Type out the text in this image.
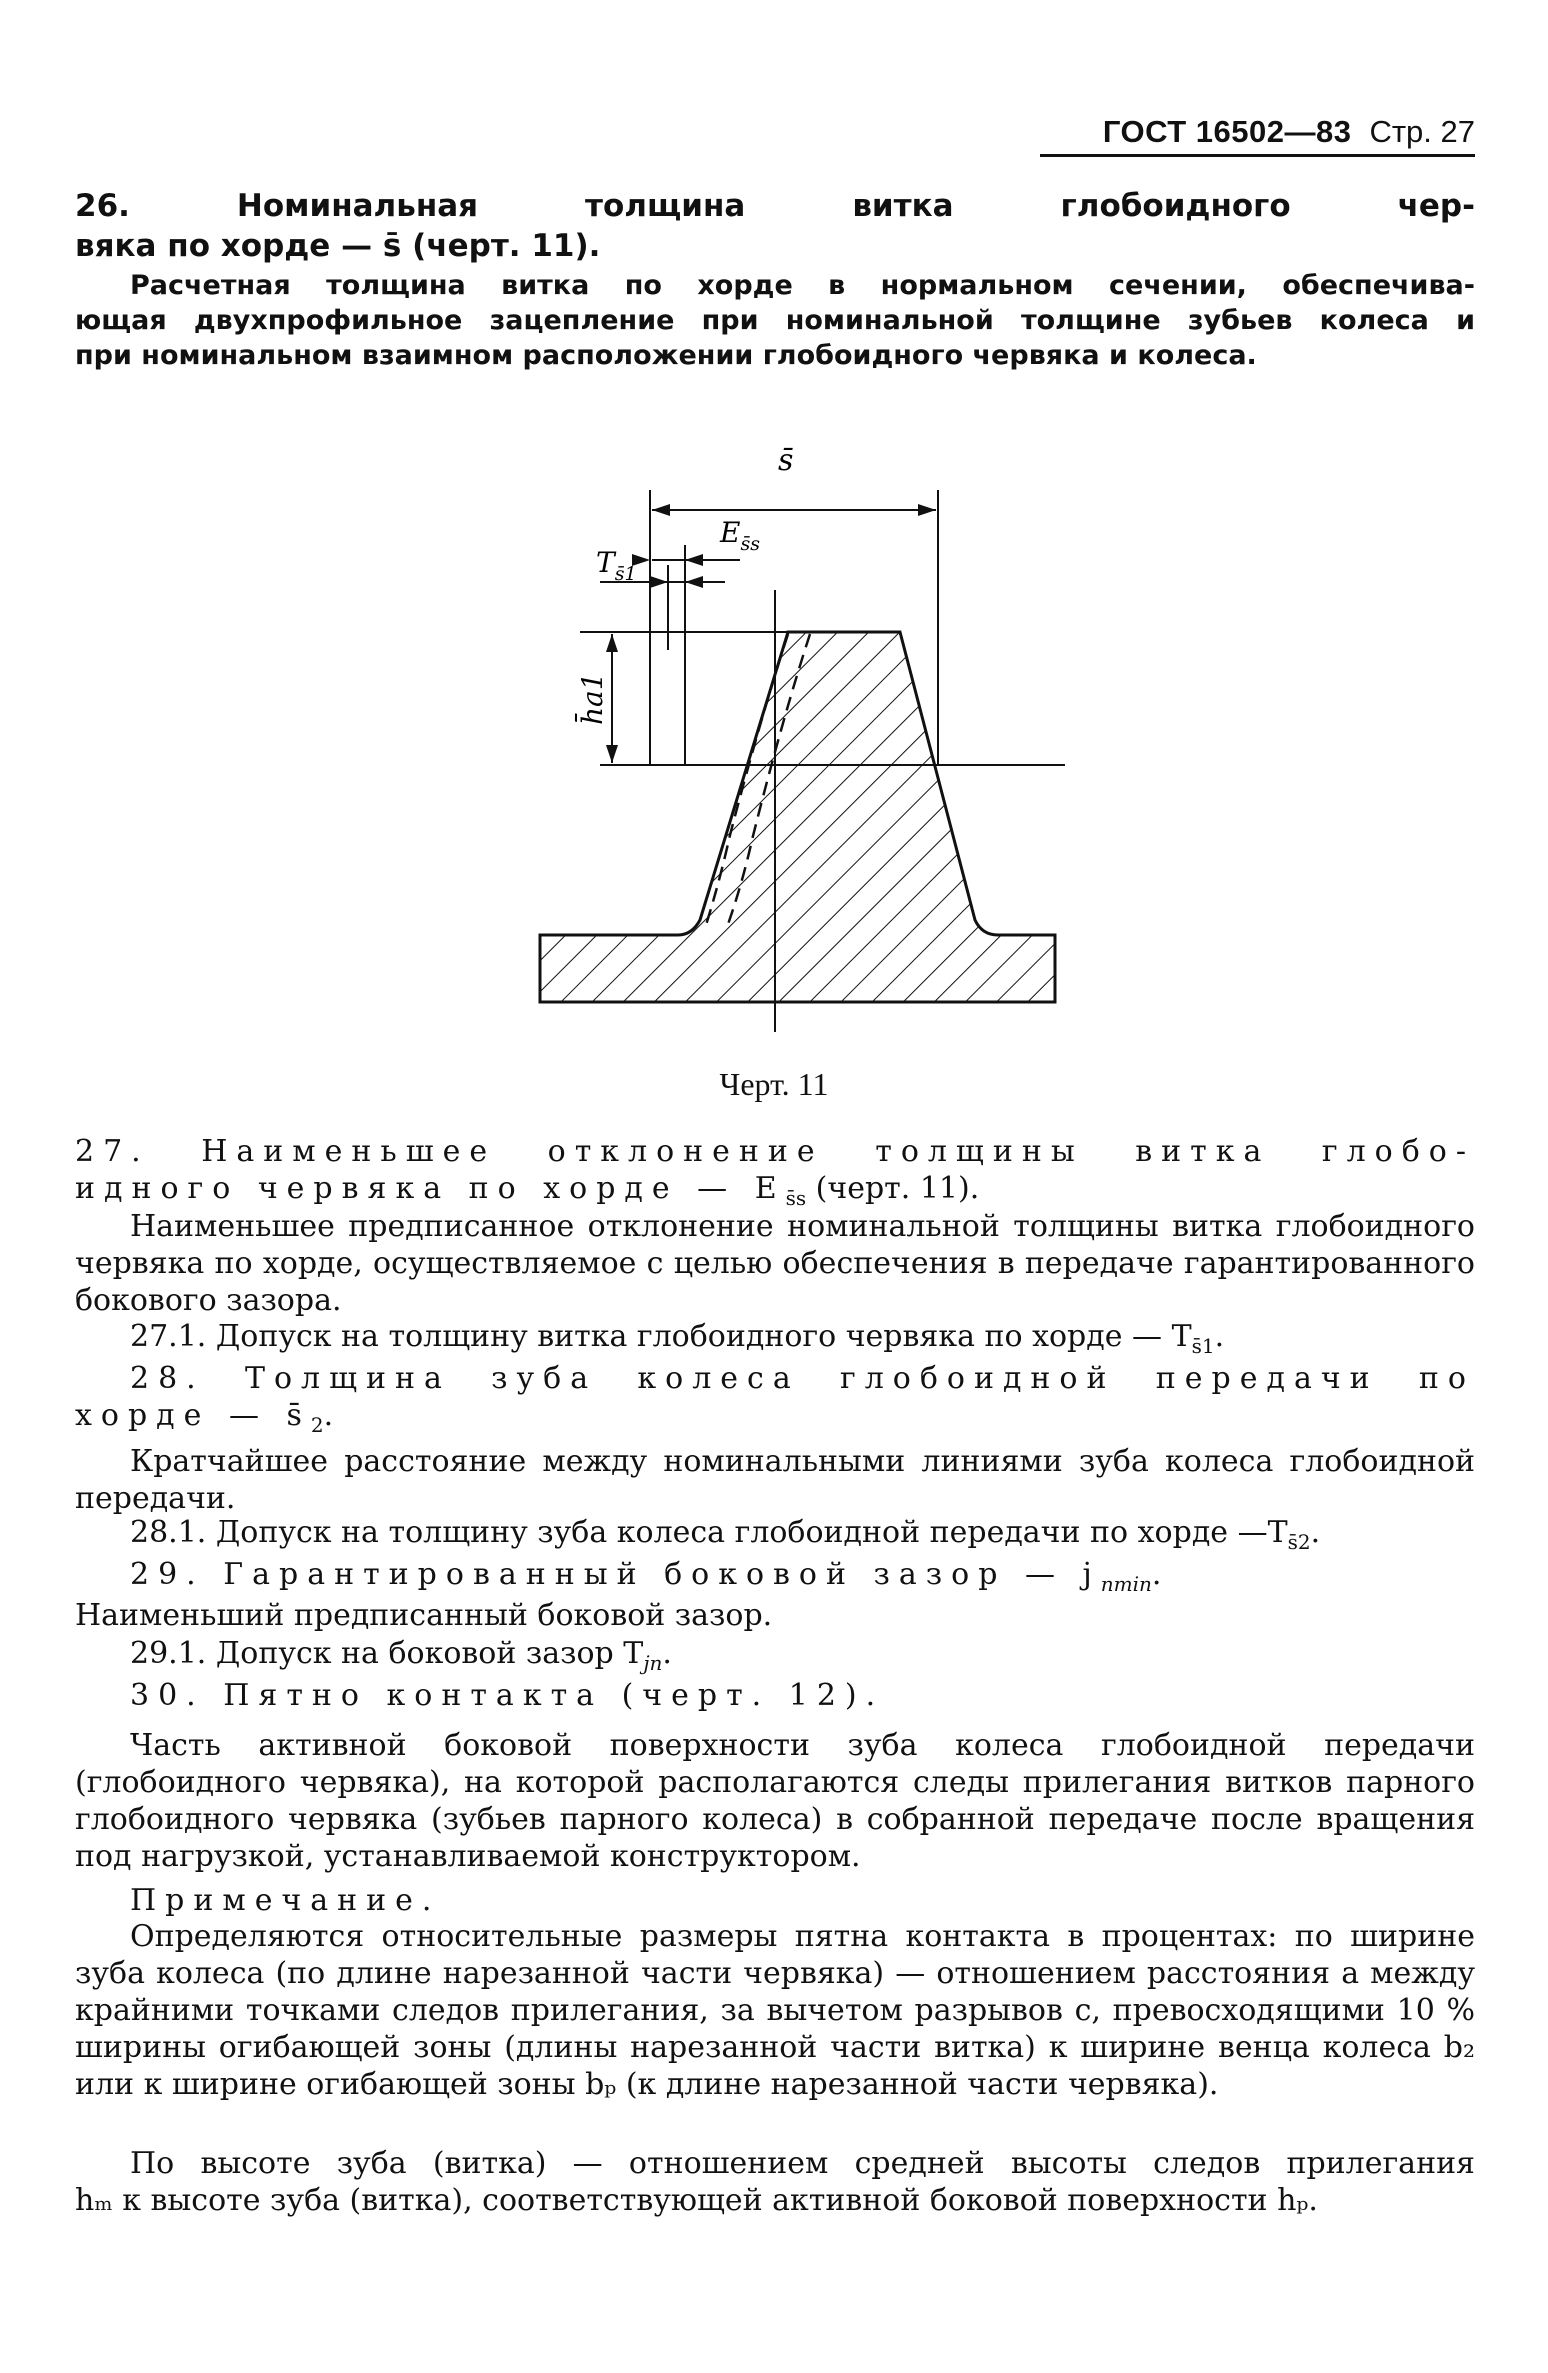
ГОСТ 16502—83 Стр. 27
26. Номинальная толщина витка глобоидного чер-
вяка по хорде — s̄ (черт. 11).
Расчетная толщина витка по хорде в нормальном сечении, обеспечива-
ющая двухпрофильное зацепление при номинальной толщине зубьев колеса и
при номинальном взаимном расположении глобоидного червяка и колеса.
s̄
$E_{s̄s}$
$T_{s̄1}$
h̄a1
Черт. 11
27. Наименьшее отклонение толщины витка глобо-
идного червяка по хорде — $E_{s̄s}$ (черт. 11).
Наименьшее предписанное отклонение номинальной толщины витка глобоидного червяка по хорде, осуществляемое с целью обеспечения в передаче гарантированного бокового зазора.
27.1. Допуск на толщину витка глобоидного червяка по хорде — $T_{s̄1}$.
28. Толщина зуба колеса глобоидной передачи по
хорде — $s̄_2$.
Кратчайшее расстояние между номинальными линиями зуба колеса глобоидной передачи.
28.1. Допуск на толщину зуба колеса глобоидной передачи по хорде $—T_{s̄2}$.
29. Гарантированный боковой зазор — $j_{nmin}$.
Наименьший предписанный боковой зазор.
29.1. Допуск на боковой зазор $T_{jn}$.
30. Пятно контакта (черт. 12).
Часть активной боковой поверхности зуба колеса глобоидной передачи (глобоидного червяка), на которой располагаются следы прилегания витков парного глобоидного червяка (зубьев парного колеса) в собранной передаче после вращения под нагрузкой, устанавливаемой конструктором.
Примечание.
Определяются относительные размеры пятна контакта в процентах: по ширине зуба колеса (по длине нарезанной части червяка) — отношением расстояния a между крайними точками следов прилегания, за вычетом разрывов c, превосходящими 10 % ширины огибающей зоны (длины нарезанной части витка) к ширине венца колеса b₂ или к ширине огибающей зоны bₚ (к длине нарезанной части червяка).
По высоте зуба (витка) — отношением средней высоты следов прилегания
hₘ к высоте зуба (витка), соответствующей активной боковой поверхности hₚ.
